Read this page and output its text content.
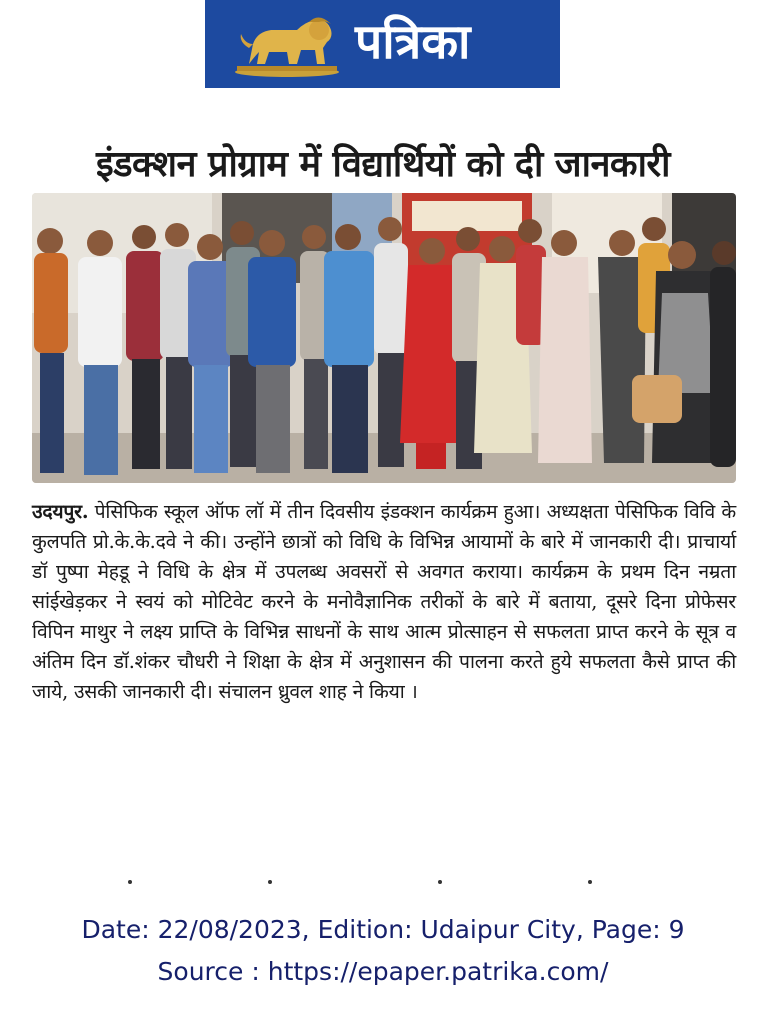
पत्रिका
इंडक्शन प्रोग्राम में विद्यार्थियों को दी जानकारी
उदयपुर. पेसिफिक स्कूल ऑफ लॉ में तीन दिवसीय इंडक्शन कार्यक्रम हुआ। अध्यक्षता पेसिफिक विवि के कुलपति प्रो.के.के.दवे ने की। उन्होंने छात्रों को विधि के विभिन्न आयामों के बारे में जानकारी दी। प्राचार्या डॉ पुष्पा मेहडू ने विधि के क्षेत्र में उपलब्ध अवसरों से अवगत कराया। कार्यक्रम के प्रथम दिन नम्रता सांईखेड़कर ने स्वयं को मोटिवेट करने के मनोवैज्ञानिक तरीकों के बारे में बताया, दूसरे दिना प्रोफेसर विपिन माथुर ने लक्ष्य प्राप्ति के विभिन्न साधनों के साथ आत्म प्रोत्साहन से सफलता प्राप्त करने के सूत्र व अंतिम दिन डॉ.शंकर चौधरी ने शिक्षा के क्षेत्र में अनुशासन की पालना करते हुये सफलता कैसे प्राप्त की जाये, उसकी जानकारी दी। संचालन ध्रुवल शाह ने किया ।
Date: 22/08/2023, Edition: Udaipur City, Page: 9
Source : https://epaper.patrika.com/
